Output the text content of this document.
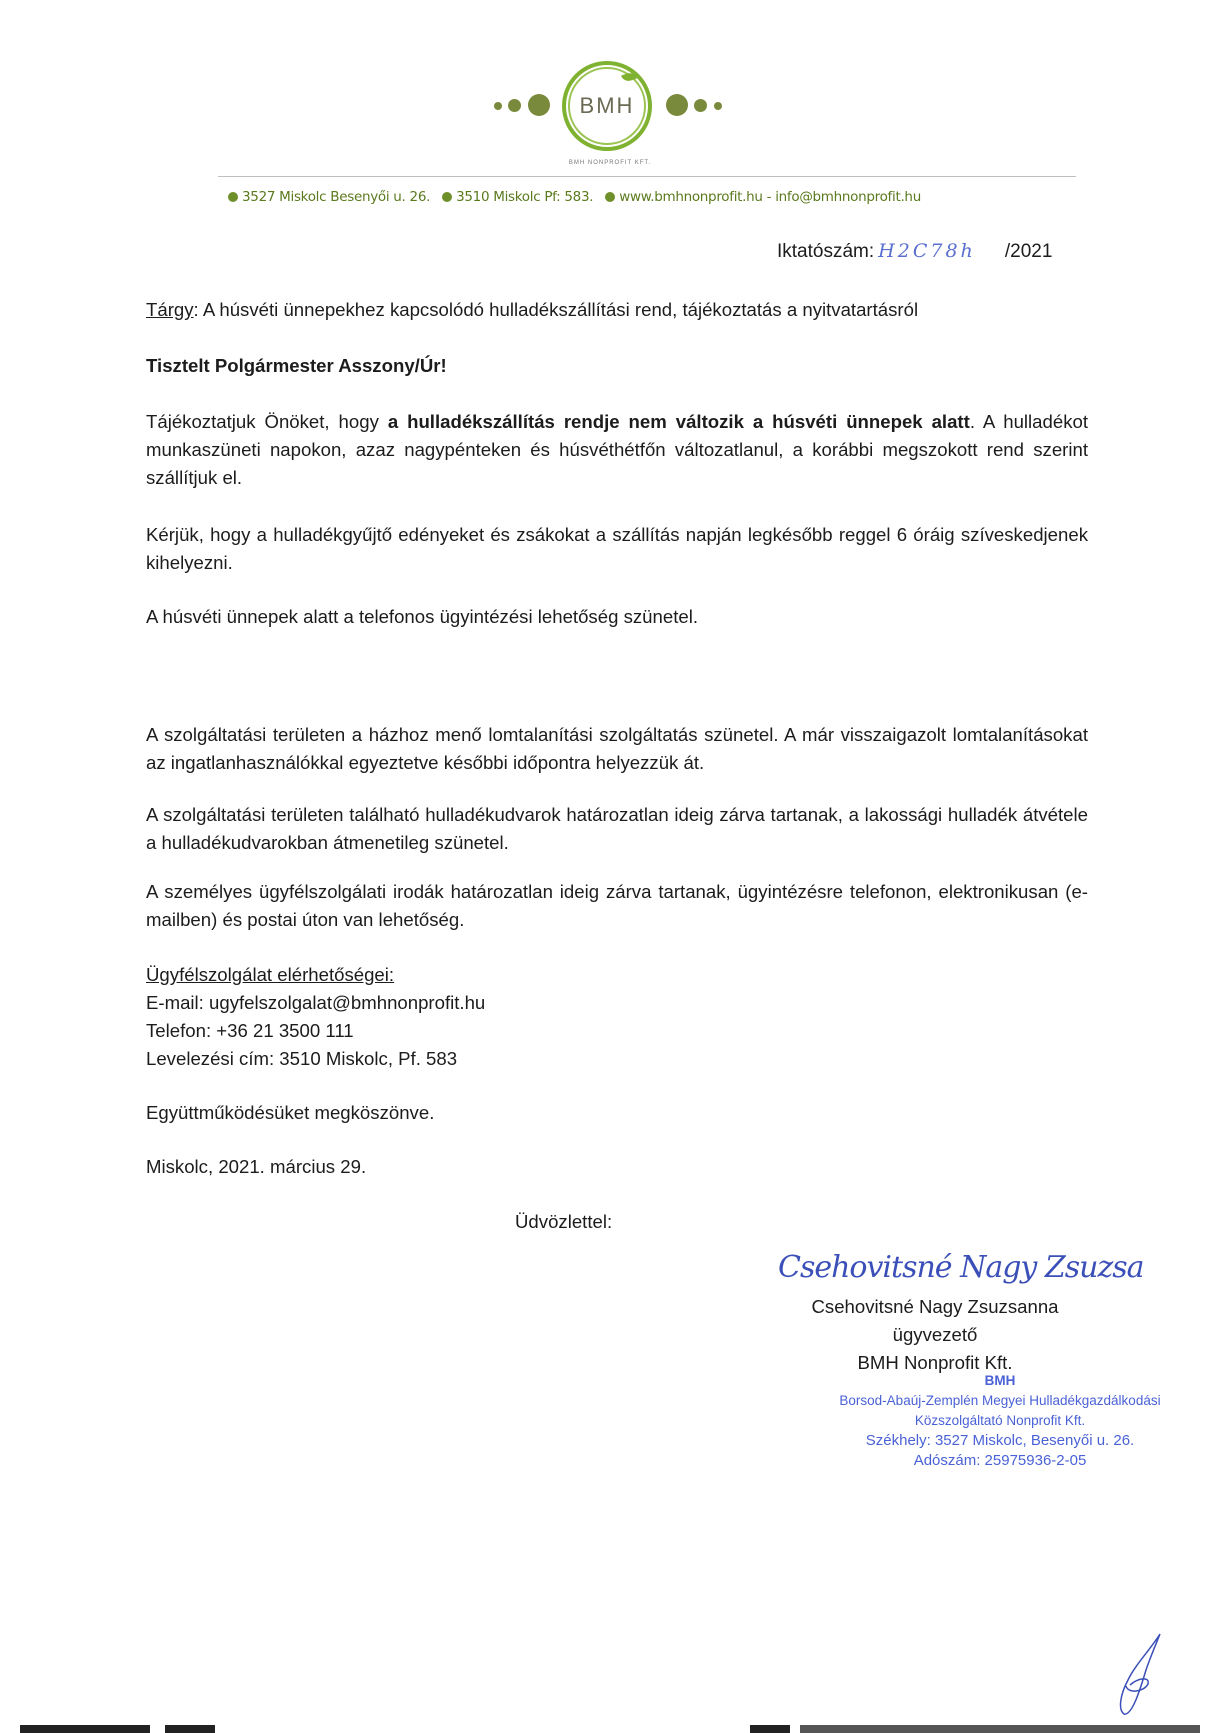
BMH
BMH NONPROFIT KFT.
3527 Miskolc Besenyői u. 26. 3510 Miskolc Pf: 583. www.bmhnonprofit.hu - info@bmhnonprofit.hu
Iktatószám: H2C78h /2021
Tárgy: A húsvéti ünnepekhez kapcsolódó hulladékszállítási rend, tájékoztatás a nyitvatartásról
Tisztelt Polgármester Asszony/Úr!
Tájékoztatjuk Önöket, hogy a hulladékszállítás rendje nem változik a húsvéti ünnepek alatt. A hulladékot munkaszüneti napokon, azaz nagypénteken és húsvéthétfőn változatlanul, a korábbi megszokott rend szerint szállítjuk el.
Kérjük, hogy a hulladékgyűjtő edényeket és zsákokat a szállítás napján legkésőbb reggel 6 óráig szíveskedjenek kihelyezni.
A húsvéti ünnepek alatt a telefonos ügyintézési lehetőség szünetel.
A szolgáltatási területen a házhoz menő lomtalanítási szolgáltatás szünetel. A már visszaigazolt lomtalanításokat az ingatlanhasználókkal egyeztetve későbbi időpontra helyezzük át.
A szolgáltatási területen található hulladékudvarok határozatlan ideig zárva tartanak, a lakossági hulladék átvétele a hulladékudvarokban átmenetileg szünetel.
A személyes ügyfélszolgálati irodák határozatlan ideig zárva tartanak, ügyintézésre telefonon, elektronikusan (e-mailben) és postai úton van lehetőség.
Ügyfélszolgálat elérhetőségei:
E-mail: ugyfelszolgalat@bmhnonprofit.hu
Telefon: +36 21 3500 111
Levelezési cím: 3510 Miskolc, Pf. 583
Együttműködésüket megköszönve.
Miskolc, 2021. március 29.
Üdvözlettel:
Csehovitsné Nagy Zsuzsa
Csehovitsné Nagy Zsuzsanna
ügyvezető
BMH Nonprofit Kft.
BMH
Borsod-Abaúj-Zemplén Megyei Hulladékgazdálkodási
Közszolgáltató Nonprofit Kft.
Székhely: 3527 Miskolc, Besenyői u. 26.
Adószám: 25975936-2-05
